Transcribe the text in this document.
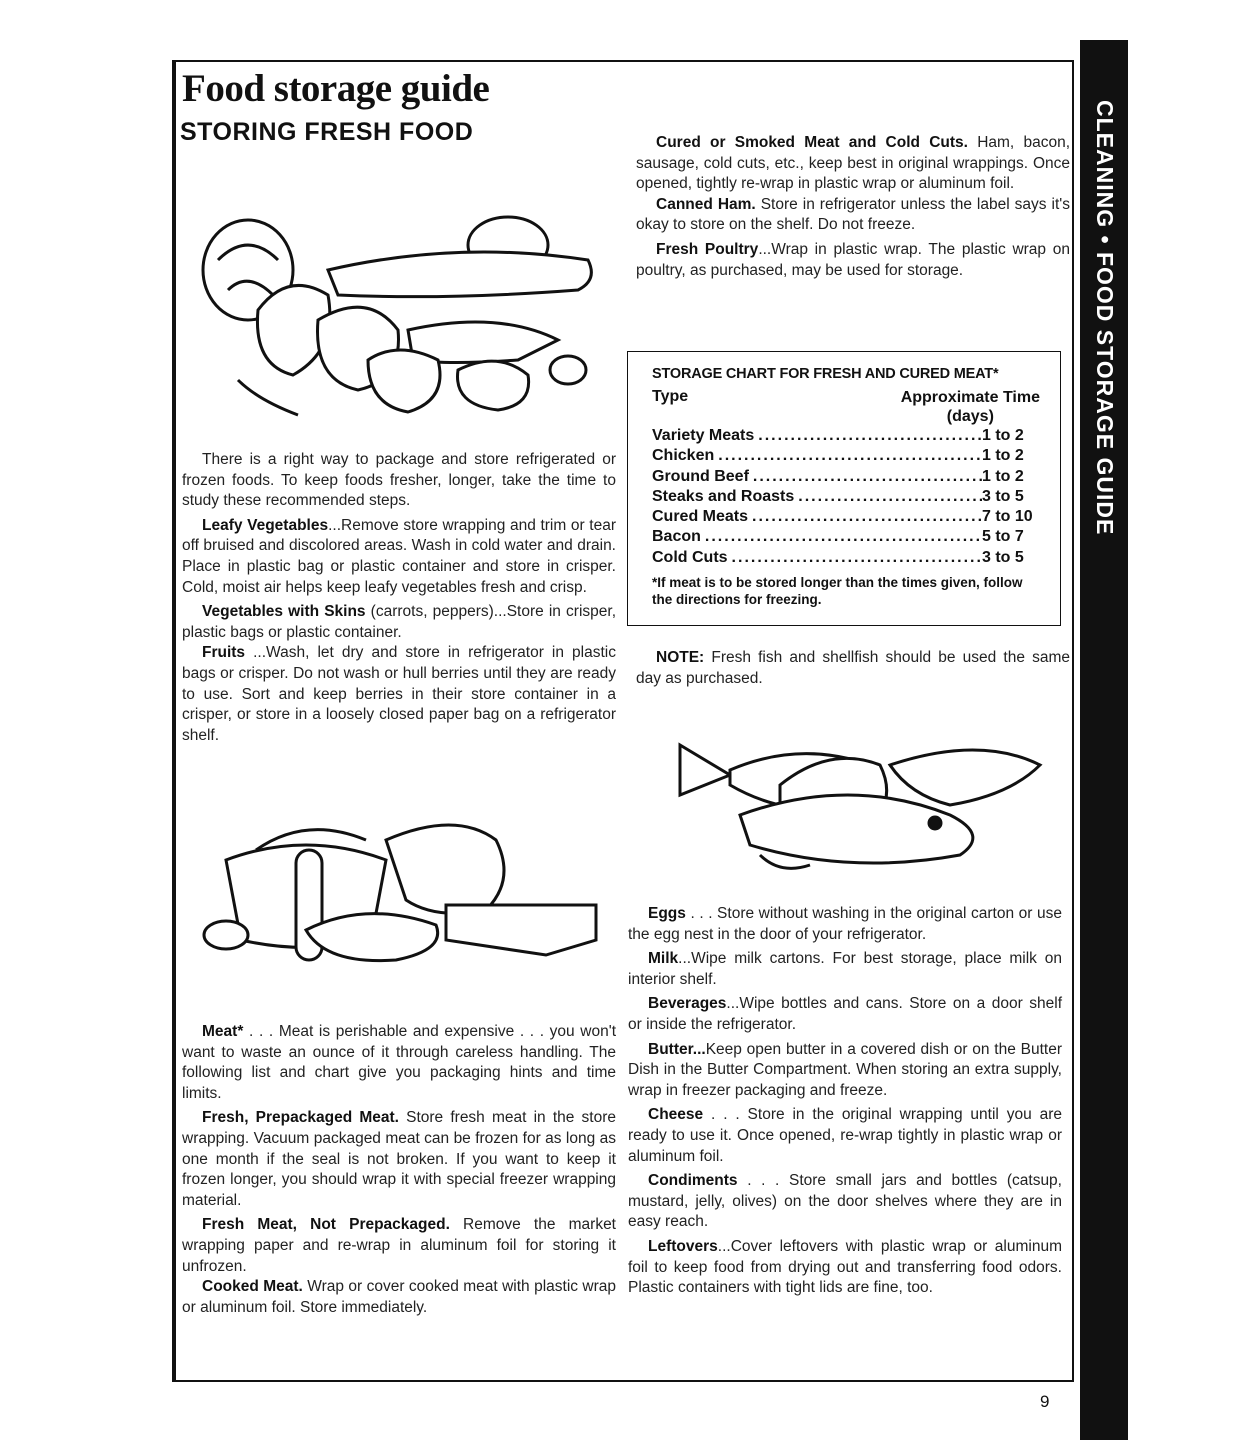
CLEANING • FOOD STORAGE GUIDE
Food storage guide
STORING FRESH FOOD

There is a right way to package and store refrigerated or frozen foods. To keep foods fresher, longer, take the time to study these recommended steps.

Leafy Vegetables...Remove store wrapping and trim or tear off bruised and discolored areas. Wash in cold water and drain. Place in plastic bag or plastic container and store in crisper. Cold, moist air helps keep leafy vegetables fresh and crisp.

Vegetables with Skins (carrots, peppers)...Store in crisper, plastic bags or plastic container.

Fruits ...Wash, let dry and store in refrigerator in plastic bags or crisper. Do not wash or hull berries until they are ready to use. Sort and keep berries in their store container in a crisper, or store in a loosely closed paper bag on a refrigerator shelf.

Meat* . . . Meat is perishable and expensive . . . you won't want to waste an ounce of it through careless handling. The following list and chart give you packaging hints and time limits.

Fresh, Prepackaged Meat. Store fresh meat in the store wrapping. Vacuum packaged meat can be frozen for as long as one month if the seal is not broken. If you want to keep it frozen longer, you should wrap it with special freezer wrapping material.

Fresh Meat, Not Prepackaged. Remove the market wrapping paper and re-wrap in aluminum foil for storing it unfrozen.

Cooked Meat. Wrap or cover cooked meat with plastic wrap or aluminum foil. Store immediately.

Cured or Smoked Meat and Cold Cuts. Ham, bacon, sausage, cold cuts, etc., keep best in original wrappings. Once opened, tightly re-wrap in plastic wrap or aluminum foil.

Canned Ham. Store in refrigerator unless the label says it's okay to store on the shelf. Do not freeze.

Fresh Poultry...Wrap in plastic wrap. The plastic wrap on poultry, as purchased, may be used for storage.

STORAGE CHART FOR FRESH AND CURED MEAT*
Type	Approximate Time
(days)
Variety Meats .....	1 to 2
Chicken .....	1 to 2
Ground Beef .....	1 to 2
Steaks and Roasts .....	3 to 5
Cured Meats .....	7 to 10
Bacon .....	5 to 7
Cold Cuts .....	3 to 5
*If meat is to be stored longer than the times given, follow the directions for freezing.

NOTE: Fresh fish and shellfish should be used the same day as purchased.

Eggs . . . Store without washing in the original carton or use the egg nest in the door of your refrigerator.

Milk...Wipe milk cartons. For best storage, place milk on interior shelf.

Beverages...Wipe bottles and cans. Store on a door shelf or inside the refrigerator.

Butter...Keep open butter in a covered dish or on the Butter Dish in the Butter Compartment. When storing an extra supply, wrap in freezer packaging and freeze.

Cheese . . . Store in the original wrapping until you are ready to use it. Once opened, re-wrap tightly in plastic wrap or aluminum foil.

Condiments . . . Store small jars and bottles (catsup, mustard, jelly, olives) on the door shelves where they are in easy reach.

Leftovers...Cover leftovers with plastic wrap or aluminum foil to keep food from drying out and transferring food odors. Plastic containers with tight lids are fine, too.

9
